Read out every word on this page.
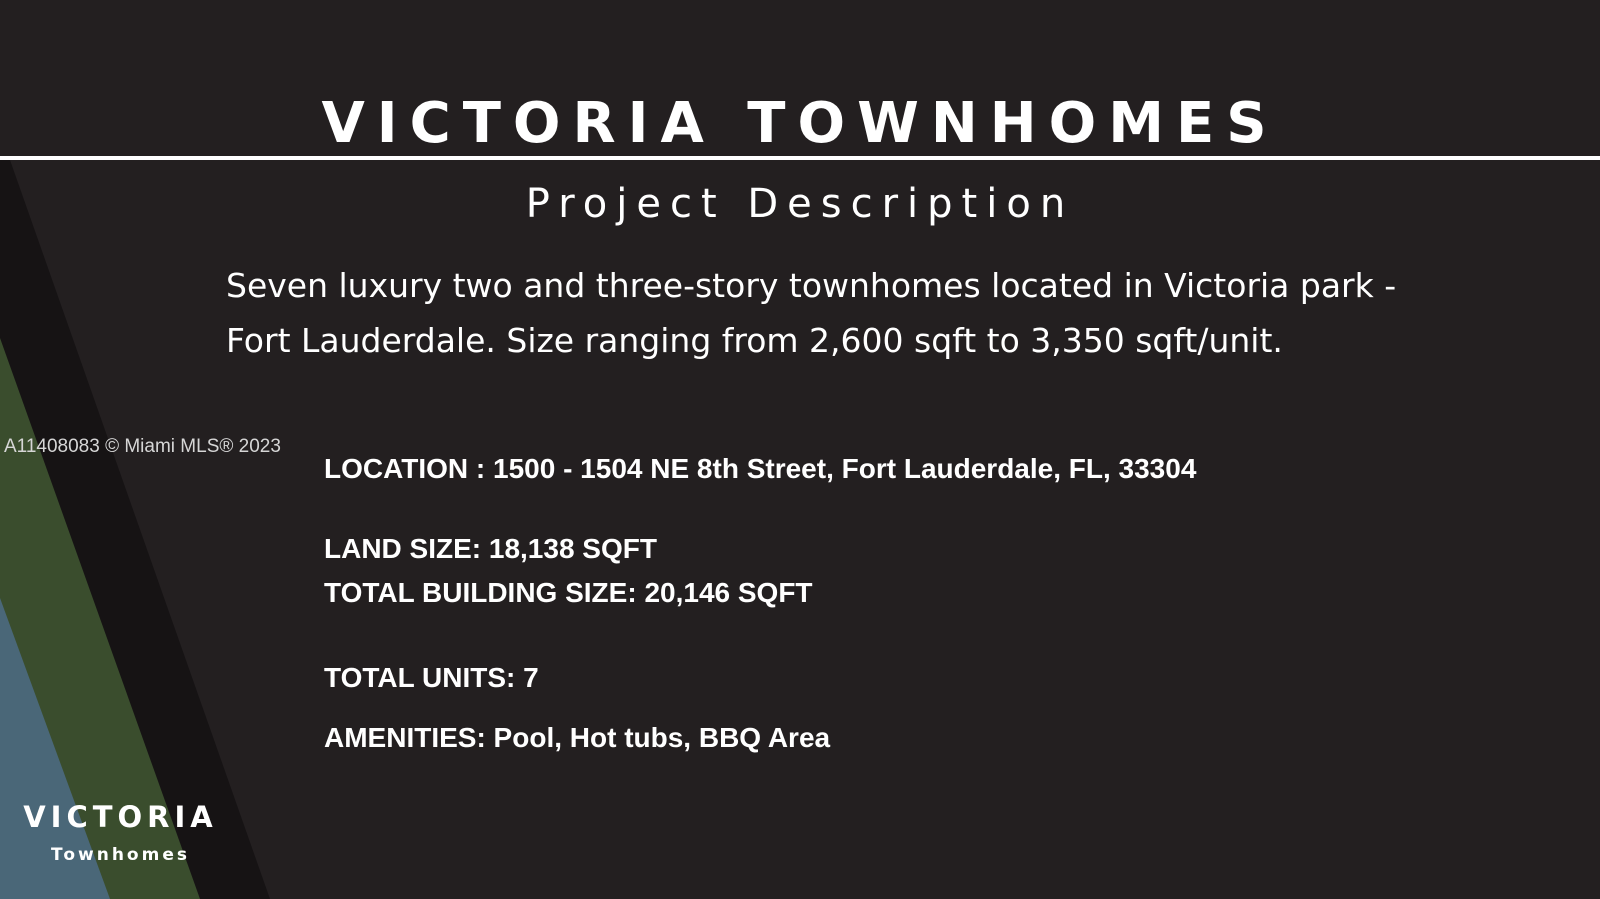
VICTORIA TOWNHOMES
Project Description
Seven luxury two and three-story townhomes located in Victoria park -
Fort Lauderdale. Size ranging from 2,600 sqft to 3,350 sqft/unit.
A11408083 © Miami MLS® 2023
LOCATION : 1500 - 1504 NE 8th Street, Fort Lauderdale, FL, 33304
LAND SIZE: 18,138 SQFT
TOTAL BUILDING SIZE: 20,146 SQFT
TOTAL UNITS: 7
AMENITIES: Pool, Hot tubs, BBQ Area
VICTORIA
Townhomes
